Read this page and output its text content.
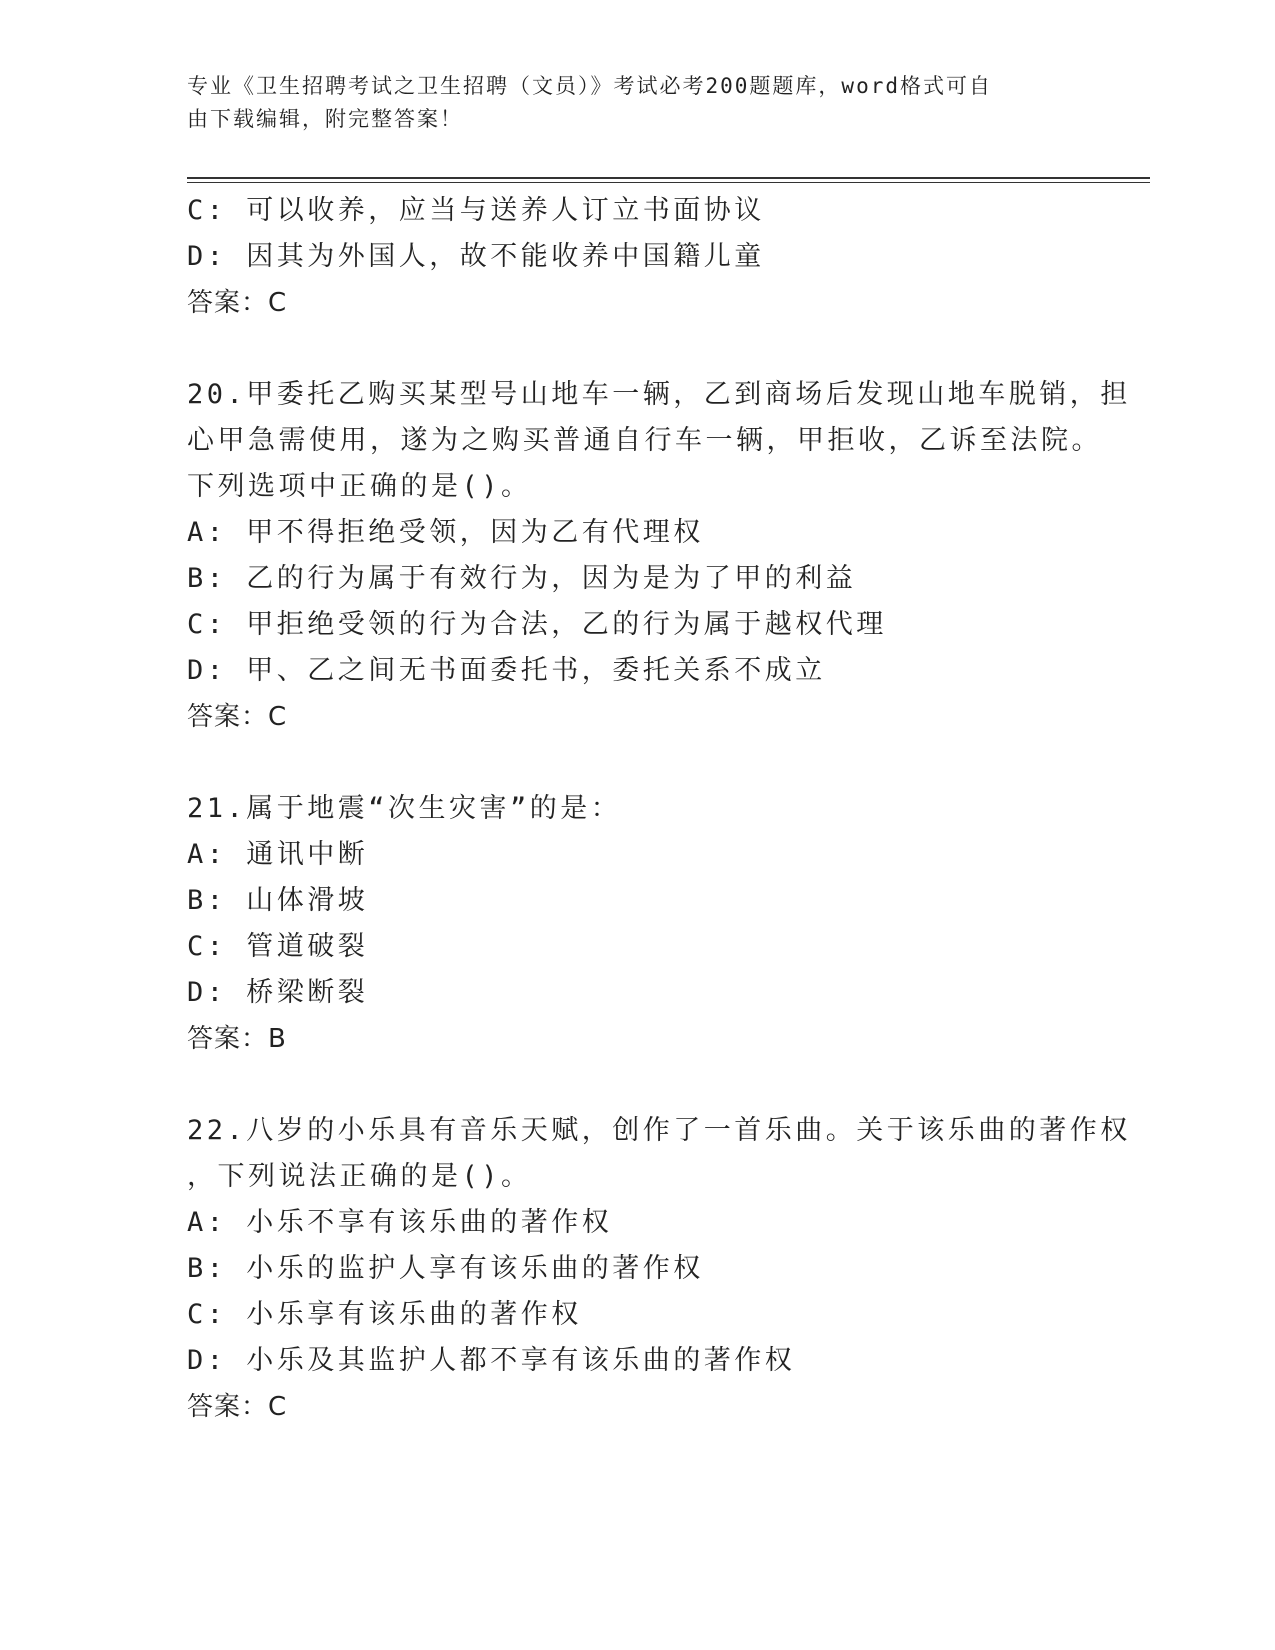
专业《卫生招聘考试之卫生招聘（文员）》考试必考200题题库，word格式可自
由下载编辑，附完整答案！
C: 可以收养，应当与送养人订立书面协议
D: 因其为外国人，故不能收养中国籍儿童
答案：C
20.甲委托乙购买某型号山地车一辆，乙到商场后发现山地车脱销，担
心甲急需使用，遂为之购买普通自行车一辆，甲拒收，乙诉至法院。
下列选项中正确的是()。
A: 甲不得拒绝受领，因为乙有代理权
B: 乙的行为属于有效行为，因为是为了甲的利益
C: 甲拒绝受领的行为合法，乙的行为属于越权代理
D: 甲、乙之间无书面委托书，委托关系不成立
答案：C
21.属于地震“次生灾害”的是：
A: 通讯中断
B: 山体滑坡
C: 管道破裂
D: 桥梁断裂
答案：B
22.八岁的小乐具有音乐天赋，创作了一首乐曲。关于该乐曲的著作权
，下列说法正确的是()。
A: 小乐不享有该乐曲的著作权
B: 小乐的监护人享有该乐曲的著作权
C: 小乐享有该乐曲的著作权
D: 小乐及其监护人都不享有该乐曲的著作权
答案：C
